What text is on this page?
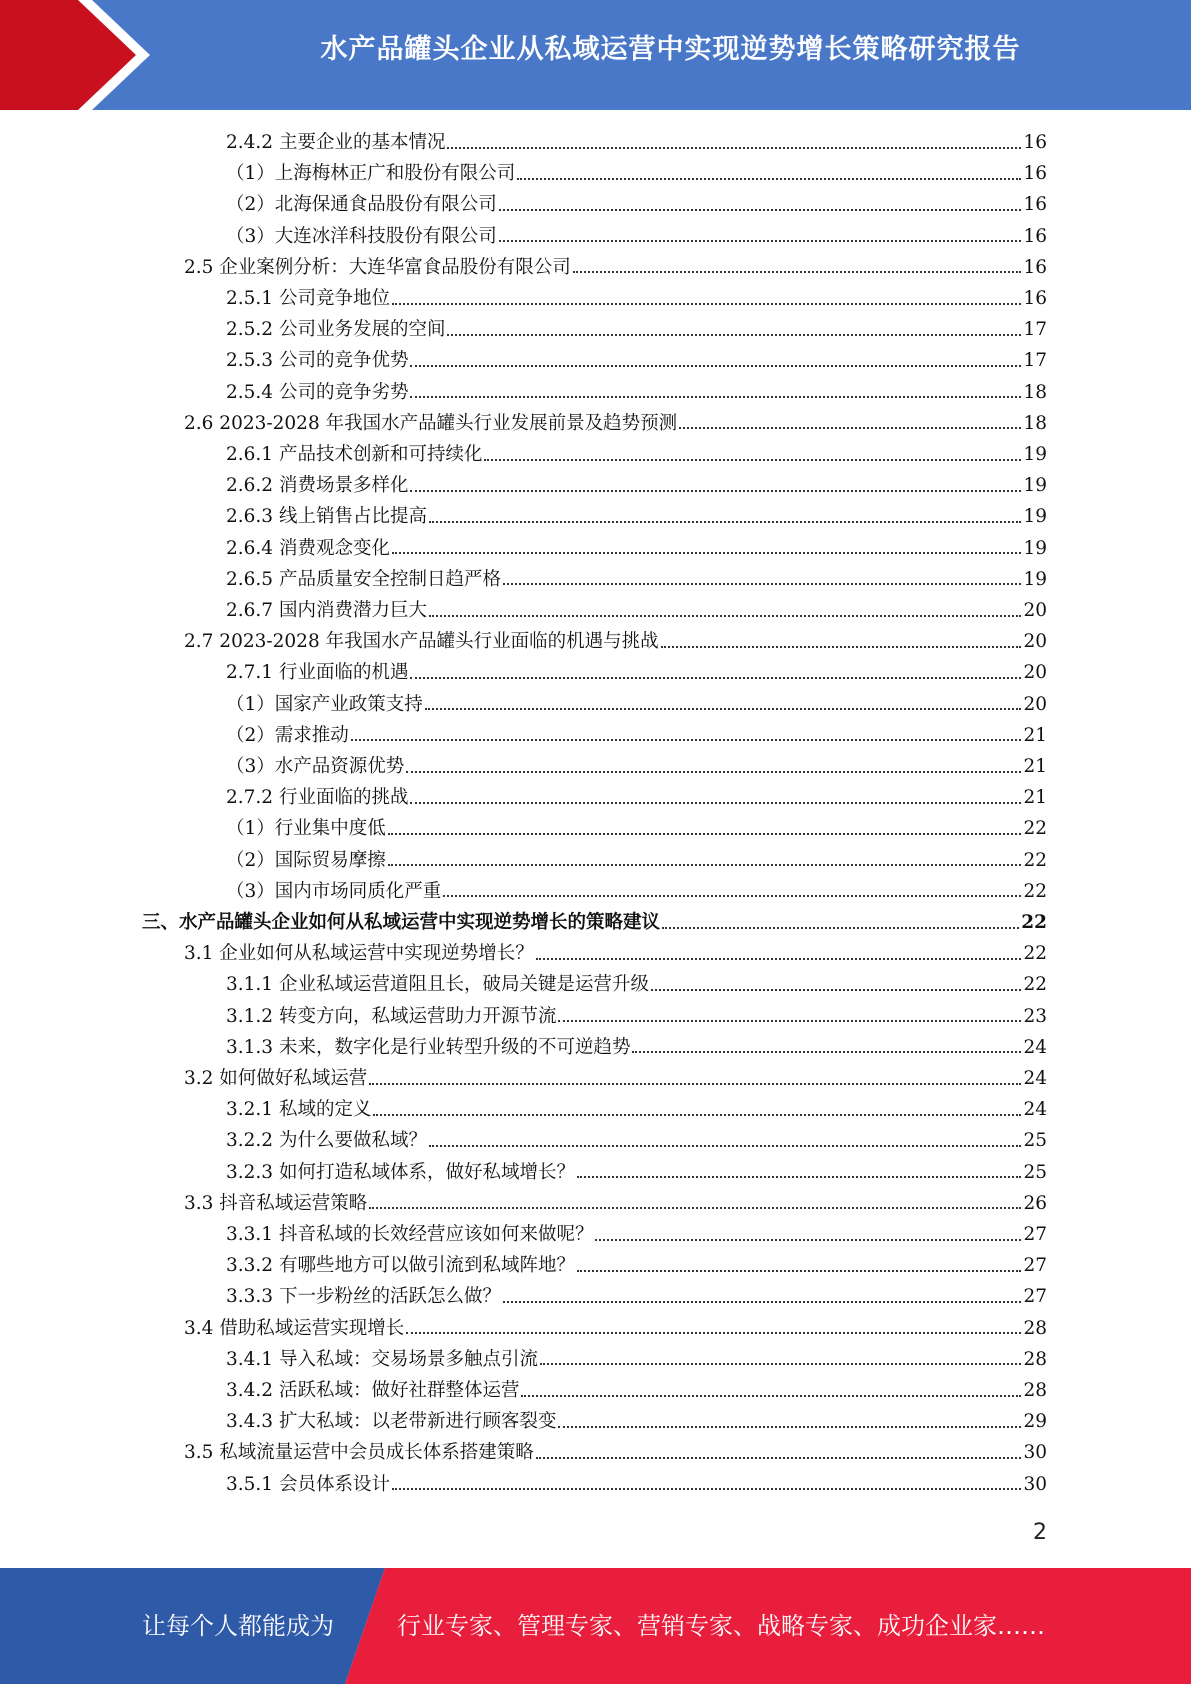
水产品罐头企业从私域运营中实现逆势增长策略研究报告
2.4.2 主要企业的基本情况	16
（1）上海梅林正广和股份有限公司	16
（2）北海保通食品股份有限公司	16
（3）大连冰洋科技股份有限公司	16
2.5 企业案例分析：大连华富食品股份有限公司	16
2.5.1 公司竞争地位	16
2.5.2 公司业务发展的空间	17
2.5.3 公司的竞争优势	17
2.5.4 公司的竞争劣势	18
2.6 2023-2028 年我国水产品罐头行业发展前景及趋势预测	18
2.6.1 产品技术创新和可持续化	19
2.6.2 消费场景多样化	19
2.6.3 线上销售占比提高	19
2.6.4 消费观念变化	19
2.6.5 产品质量安全控制日趋严格	19
2.6.7 国内消费潜力巨大	20
2.7 2023-2028 年我国水产品罐头行业面临的机遇与挑战	20
2.7.1 行业面临的机遇	20
（1）国家产业政策支持	20
（2）需求推动	21
（3）水产品资源优势	21
2.7.2 行业面临的挑战	21
（1）行业集中度低	22
（2）国际贸易摩擦	22
（3）国内市场同质化严重	22
三、水产品罐头企业如何从私域运营中实现逆势增长的策略建议	22
3.1 企业如何从私域运营中实现逆势增长？	22
3.1.1 企业私域运营道阻且长，破局关键是运营升级	22
3.1.2 转变方向，私域运营助力开源节流	23
3.1.3 未来，数字化是行业转型升级的不可逆趋势	24
3.2 如何做好私域运营	24
3.2.1 私域的定义	24
3.2.2 为什么要做私域？	25
3.2.3 如何打造私域体系，做好私域增长？	25
3.3 抖音私域运营策略	26
3.3.1 抖音私域的长效经营应该如何来做呢？	27
3.3.2 有哪些地方可以做引流到私域阵地？	27
3.3.3 下一步粉丝的活跃怎么做？	27
3.4 借助私域运营实现增长	28
3.4.1 导入私域：交易场景多触点引流	28
3.4.2 活跃私域：做好社群整体运营	28
3.4.3 扩大私域：以老带新进行顾客裂变	29
3.5 私域流量运营中会员成长体系搭建策略	30
3.5.1 会员体系设计	30
2
让每个人都能成为	行业专家、管理专家、营销专家、战略专家、成功企业家……
